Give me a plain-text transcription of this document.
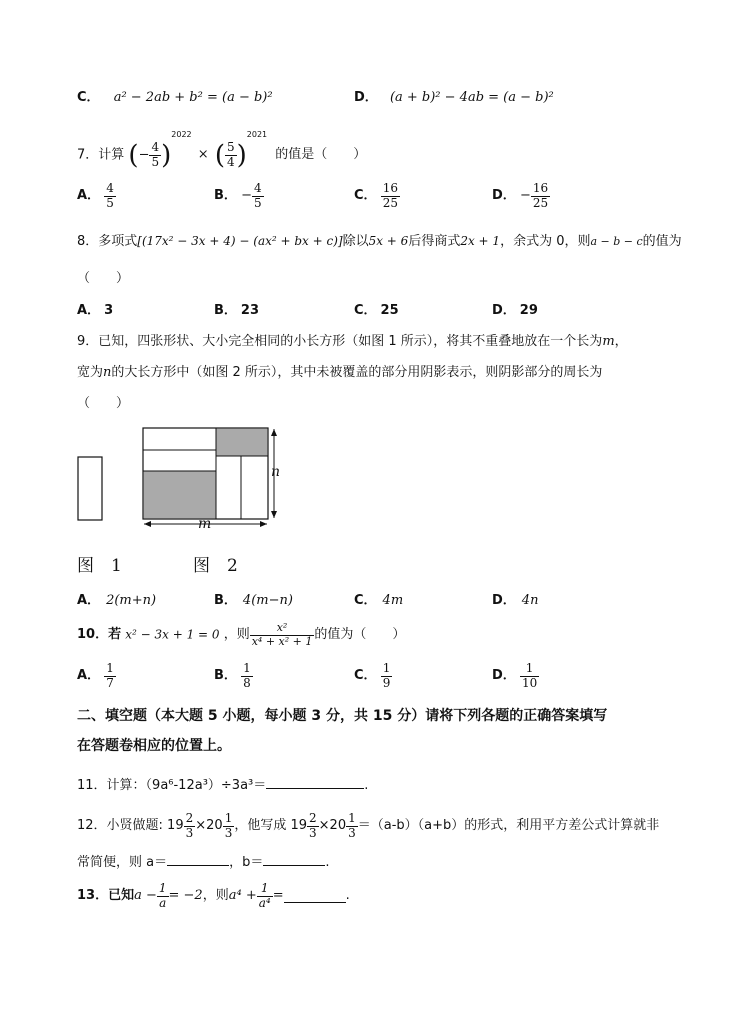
C． a² − 2ab + b² = (a − b)²	D． (a + b)² − 4ab = (a − b)²
7．计算 (− $\frac{4}{5} )^{2022}$ × ( $\frac{5}{4} )^{2021}$ 的值是（　　）
A． $\frac{4}{5}$	B． − $\frac{4}{5}$	C． $\frac{16}{25}$	D． − $\frac{16}{25}$
8．多项式[(17x² − 3x + 4) − (ax² + bx + c)]除以5x + 6后得商式2x + 1，余式为 0，则a − b − c的值为
（　　）
A． 3	B． 23	C． 25	D． 29
9．已知，四张形状、大小完全相同的小长方形（如图 1 所示），将其不重叠地放在一个长为m，
宽为n的大长方形中（如图 2 所示），其中未被覆盖的部分用阴影表示，则阴影部分的周长为
（　　）
n
m
图　1	图　2
A． 2(m+n)	B． 4(m−n)	C． 4m	D． 4n
10．若 x² − 3x + 1 = 0 ，则 $\frac{\text{x²}}{\text{x⁴ + x² + 1}}$ 的值为（　　）
A． $\frac{1}{7}$	B． $\frac{1}{8}$	C． $\frac{1}{9}$	D． $\frac{1}{10}$
二、填空题（本大题 5 小题，每小题 3 分，共 15 分）请将下列各题的正确答案填写
在答题卷相应的位置上。
11．计算：（9a⁶-12a³）÷3a³＝	.
12．小贤做题: $19 \frac{2}{3} \times 20 \frac{1}{3}$ ，他写成 $19 \frac{2}{3} \times 20 \frac{1}{3} =(a-b)(a+b)$的形式，利用平方差公式计算就非
常简便，则 a＝	，b＝	.
13．已知$a - \frac{1}{a} = -2$，则$a^4 + \frac{1}{\text{a⁴}}$ =	.
